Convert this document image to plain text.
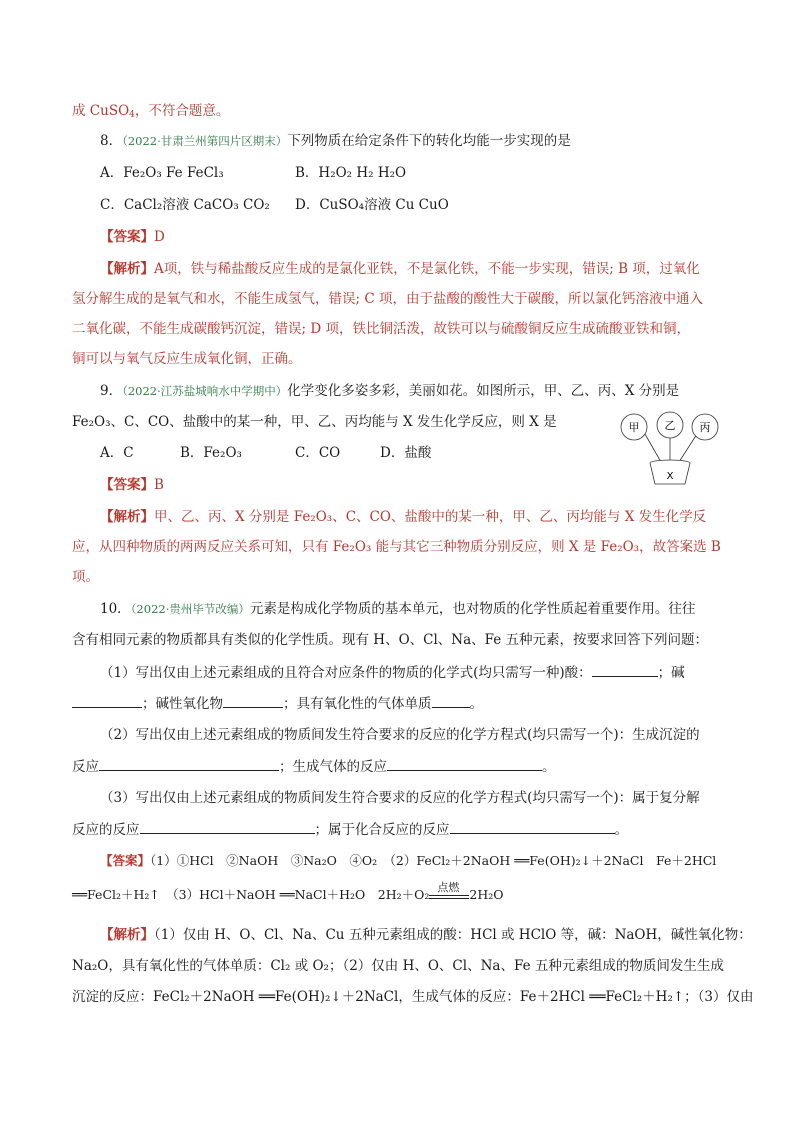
成 CuSO$_4$，不符合题意。
8．（2022·甘肃兰州第四片区期末）下列物质在给定条件下的转化均能一步实现的是
A．Fe₂O₃ Fe FeCl₃	B．H₂O₂ H₂ H₂O
C．CaCl₂溶液 CaCO₃ CO₂ D．CuSO₄溶液 Cu CuO
【答案】D
【解析】A项，铁与稀盐酸反应生成的是氯化亚铁，不是氯化铁，不能一步实现，错误; B 项，过氧化
氢分解生成的是氧气和水，不能生成氢气，错误; C 项，由于盐酸的酸性大于碳酸，所以氯化钙溶液中通入
二氧化碳，不能生成碳酸钙沉淀，错误; D 项，铁比铜活泼，故铁可以与硫酸铜反应生成硫酸亚铁和铜，
铜可以与氧气反应生成氧化铜，正确。
9．（2022·江苏盐城响水中学期中）化学变化多姿多彩，美丽如花。如图所示，甲、乙、丙、X 分别是
Fe₂O₃、C、CO、盐酸中的某一种，甲、乙、丙均能与 X 发生化学反应，则 X 是	甲 乙 丙
X
A．C	B．Fe₂O₃	C．CO	D．盐酸
【答案】B
【解析】甲、乙、丙、X 分别是 Fe₂O₃、C、CO、盐酸中的某一种，甲、乙、丙均能与 X 发生化学反
应，从四种物质的两两反应关系可知，只有 Fe₂O₃ 能与其它三种物质分别反应，则 X 是 Fe₂O₃，故答案选 B
项。
10．（2022·贵州毕节改编）元素是构成化学物质的基本单元，也对物质的化学性质起着重要作用。往往
含有相同元素的物质都具有类似的化学性质。现有 H、O、Cl、Na、Fe 五种元素，按要求回答下列问题：
（1）写出仅由上述元素组成的且符合对应条件的物质的化学式(均只需写一种)酸：	；碱
；碱性氧化物	；具有氧化性的气体单质	。
（2）写出仅由上述元素组成的物质间发生符合要求的反应的化学方程式(均只需写一个)：生成沉淀的
反应	；生成气体的反应	。
（3）写出仅由上述元素组成的物质间发生符合要求的反应的化学方程式(均只需写一个)：属于复分解
反应的反应	；属于化合反应的反应	。
【答案】（1）①HCl　②NaOH　③Na₂O　④O₂　（2）FeCl₂＋2NaOH ══Fe(OH)₂↓＋2NaCl　Fe＋2HCl
══FeCl₂＋H₂↑　（3）HCl＋NaOH ══NaCl＋H₂O　2H₂＋O₂ 点燃 2H₂O
【解析】（1）仅由 H、O、Cl、Na、Cu 五种元素组成的酸：HCl 或 HClO 等，碱：NaOH，碱性氧化物：
Na₂O，具有氧化性的气体单质：Cl₂ 或 O₂；（2）仅由 H、O、Cl、Na、Fe 五种元素组成的物质间发生生成
沉淀的反应：FeCl₂＋2NaOH ══Fe(OH)₂↓＋2NaCl，生成气体的反应：Fe＋2HCl ══FeCl₂＋H₂↑；（3）仅由
